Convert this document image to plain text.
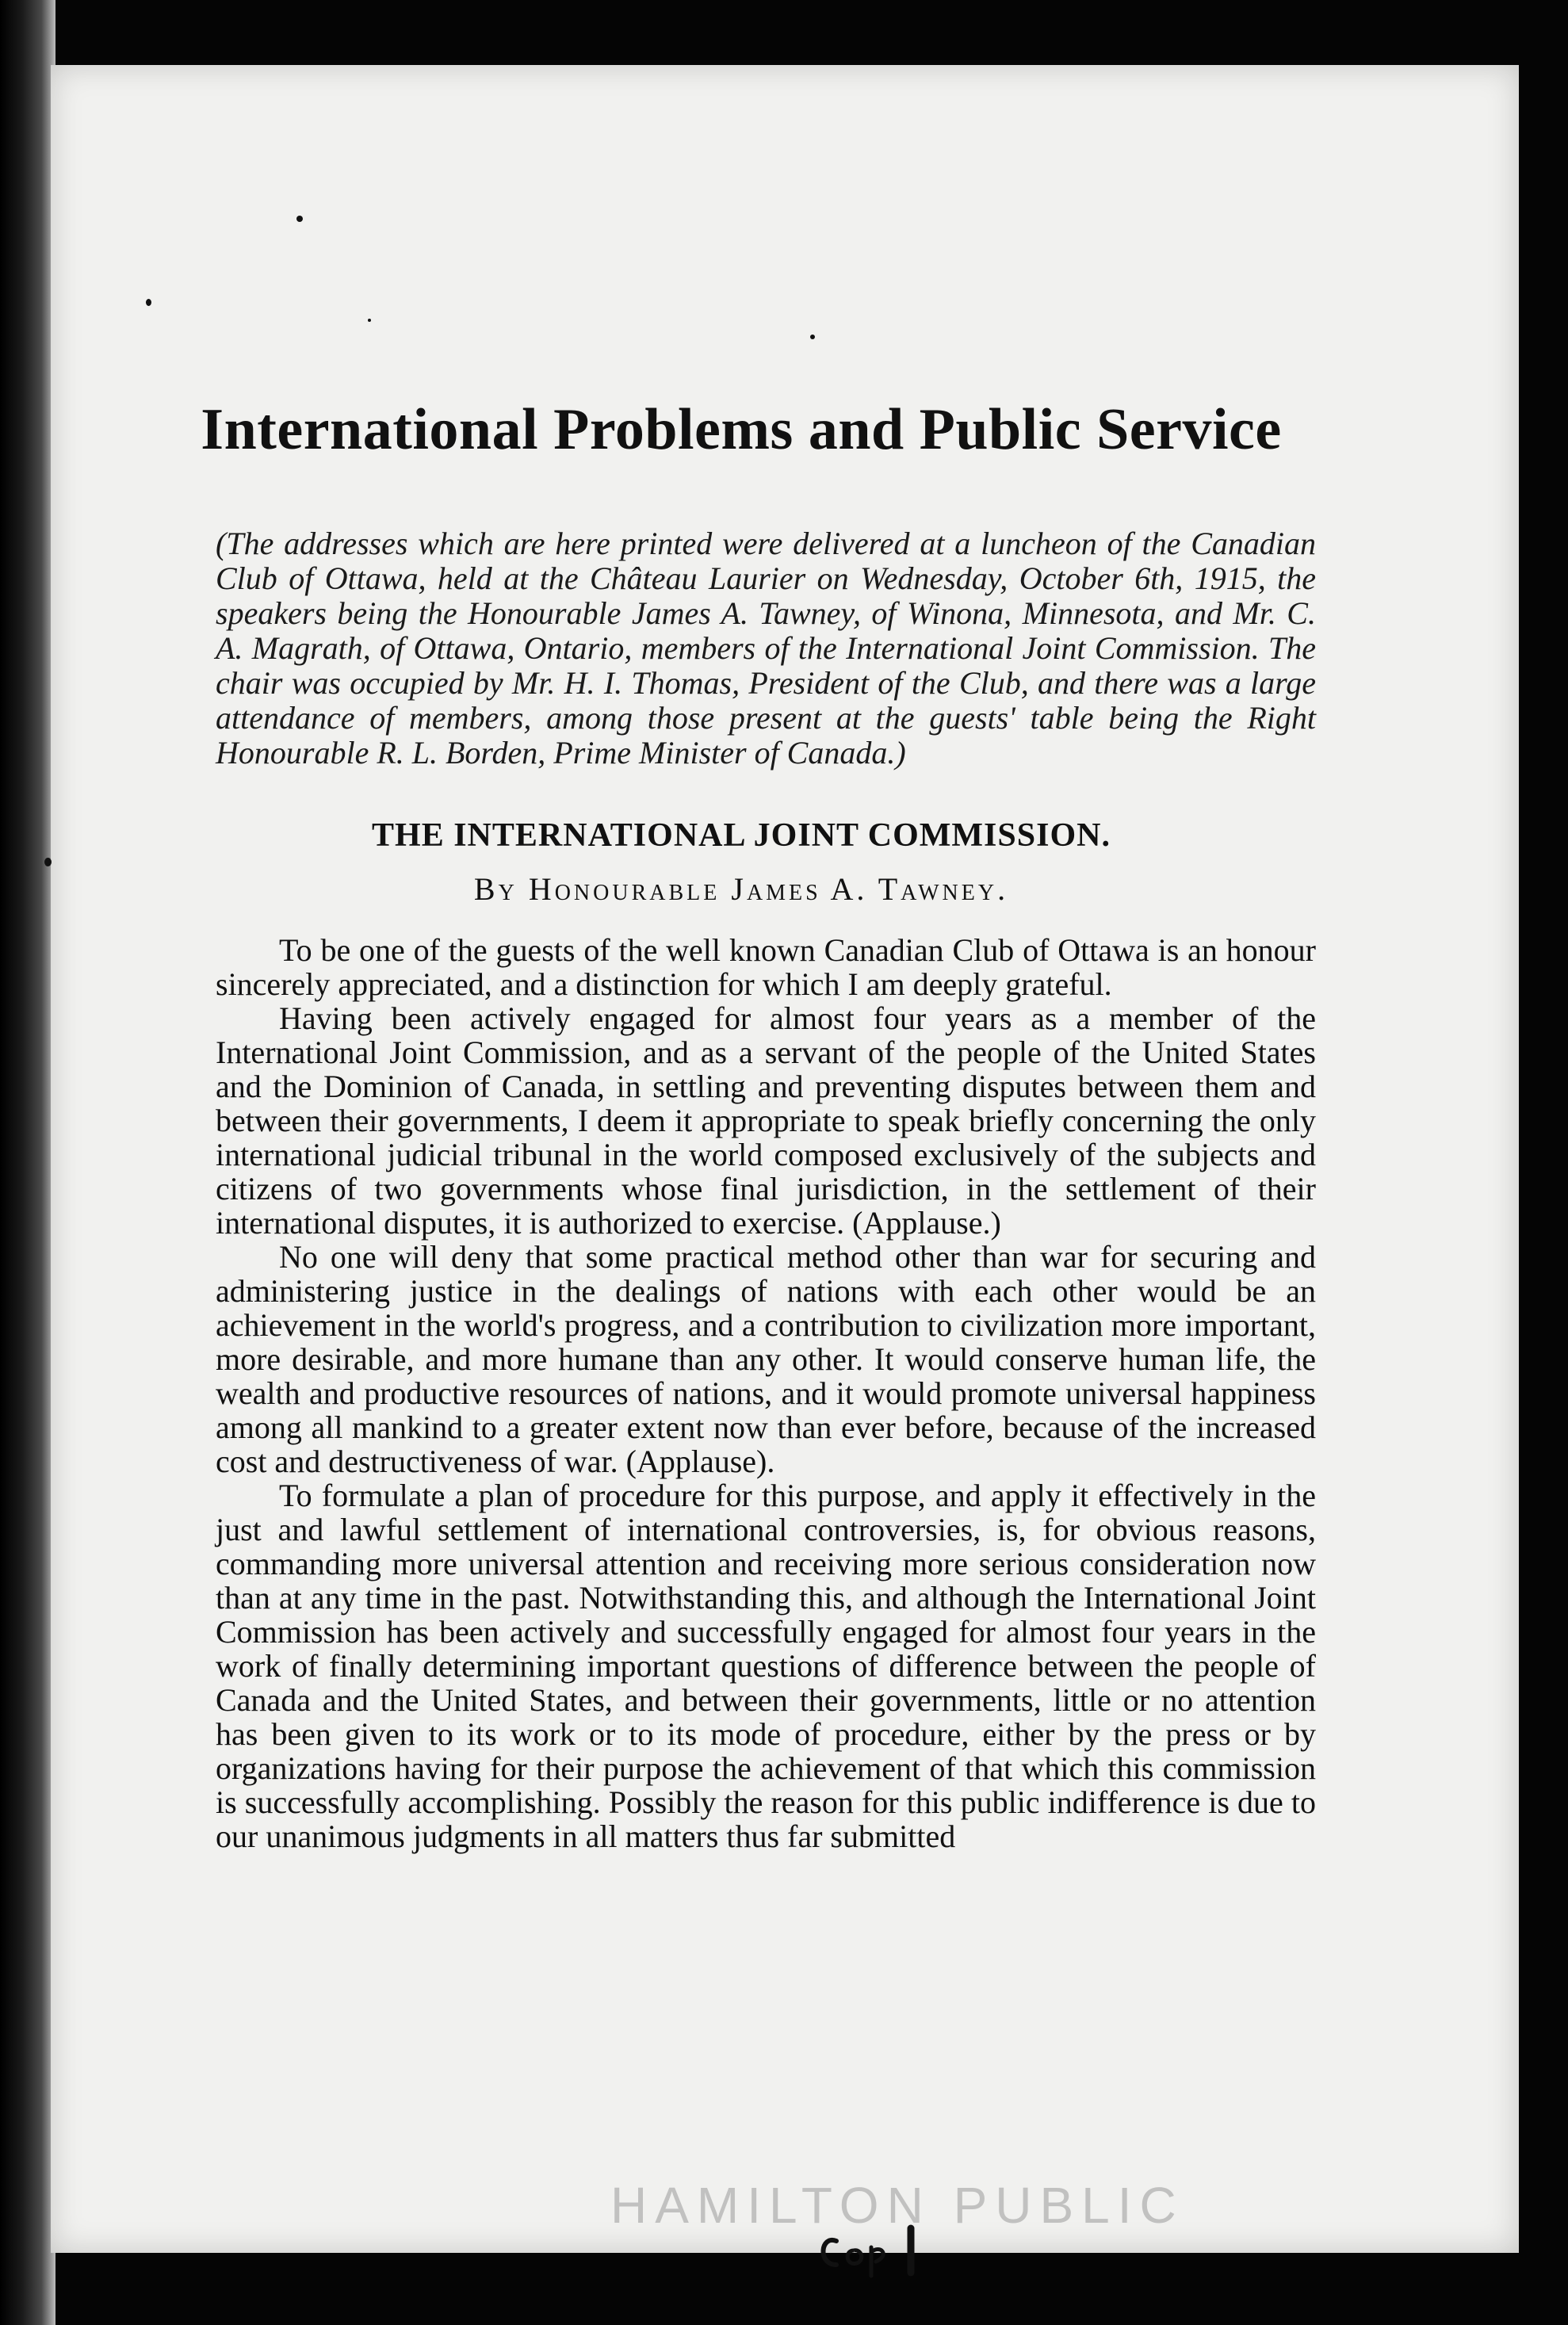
International Problems and Public Service

(The addresses which are here printed were delivered at a luncheon of the Canadian Club of Ottawa, held at the Château Laurier on Wednesday, October 6th, 1915, the speakers being the Honourable James A. Tawney, of Winona, Minnesota, and Mr. C. A. Magrath, of Ottawa, Ontario, members of the International Joint Commission. The chair was occupied by Mr. H. I. Thomas, President of the Club, and there was a large attendance of members, among those present at the guests' table being the Right Honourable R. L. Borden, Prime Minister of Canada.)

THE INTERNATIONAL JOINT COMMISSION.

By Honourable James A. Tawney.

To be one of the guests of the well known Canadian Club of Ottawa is an honour sincerely appreciated, and a distinction for which I am deeply grateful.

Having been actively engaged for almost four years as a member of the International Joint Commission, and as a servant of the people of the United States and the Dominion of Canada, in settling and preventing disputes between them and between their governments, I deem it appropriate to speak briefly concerning the only international judicial tribunal in the world composed exclusively of the subjects and citizens of two governments whose final jurisdiction, in the settlement of their international disputes, it is authorized to exercise. (Applause.)

No one will deny that some practical method other than war for securing and administering justice in the dealings of nations with each other would be an achievement in the world's progress, and a contribution to civilization more important, more desirable, and more humane than any other. It would conserve human life, the wealth and productive resources of nations, and it would promote universal happiness among all mankind to a greater extent now than ever before, because of the increased cost and destructiveness of war. (Applause).

To formulate a plan of procedure for this purpose, and apply it effectively in the just and lawful settlement of international controversies, is, for obvious reasons, commanding more universal attention and receiving more serious consideration now than at any time in the past. Notwithstanding this, and although the International Joint Commission has been actively and successfully engaged for almost four years in the work of finally determining important questions of difference between the people of Canada and the United States, and between their governments, little or no attention has been given to its work or to its mode of procedure, either by the press or by organizations having for their purpose the achievement of that which this commission is successfully accomplishing. Possibly the reason for this public indifference is due to our unanimous judgments in all matters thus far submitted

HAMILTON PUBLIC
